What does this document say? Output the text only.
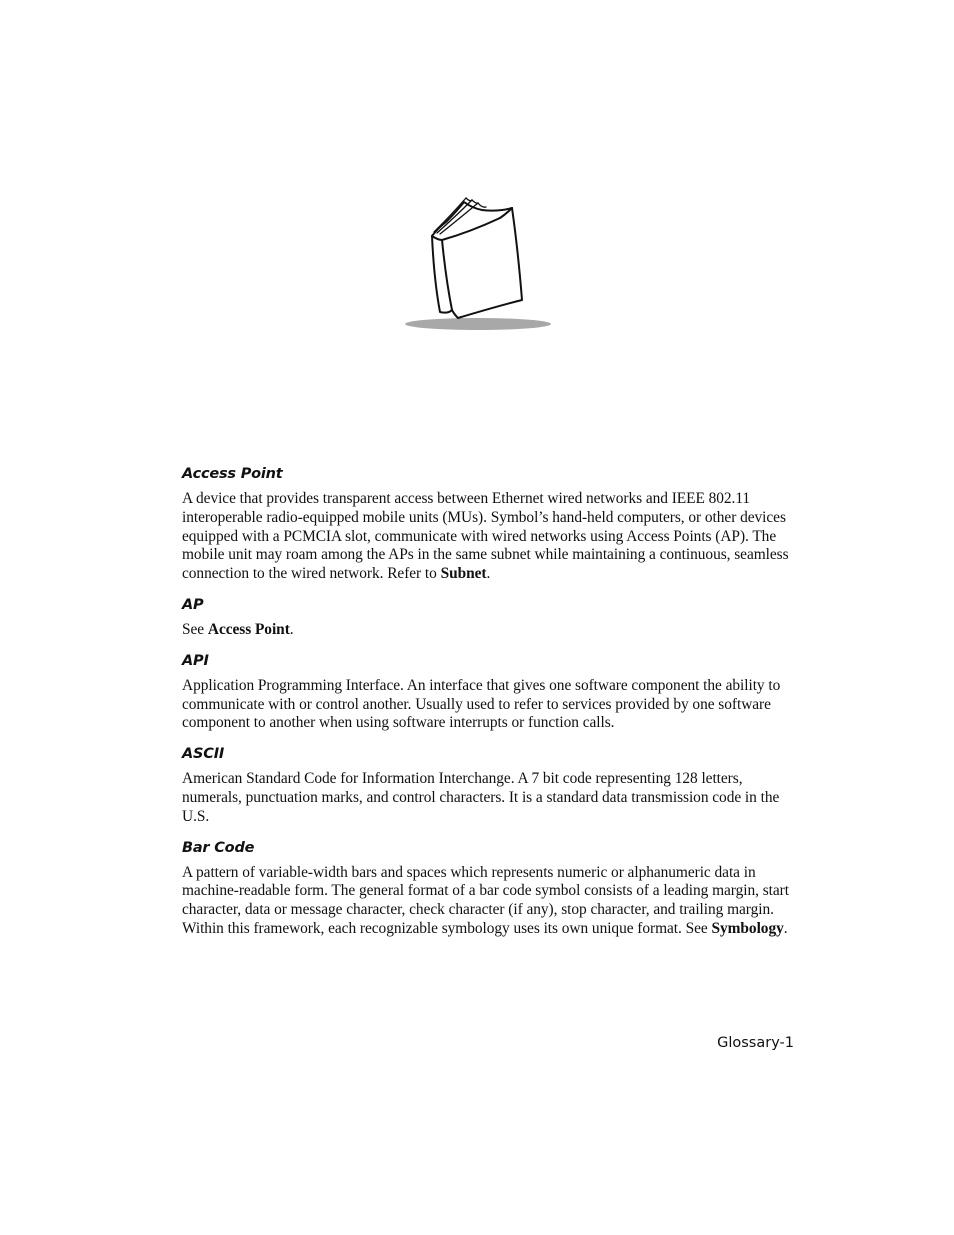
Access Point

A device that provides transparent access between Ethernet wired networks and IEEE 802.11 interoperable radio-equipped mobile units (MUs). Symbol’s hand-held computers, or other devices equipped with a PCMCIA slot, communicate with wired networks using Access Points (AP). The mobile unit may roam among the APs in the same subnet while maintaining a continuous, seamless connection to the wired network. Refer to Subnet.

AP

See Access Point.

API

Application Programming Interface. An interface that gives one software component the ability to communicate with or control another. Usually used to refer to services provided by one software component to another when using software interrupts or function calls.

ASCII

American Standard Code for Information Interchange. A 7 bit code representing 128 letters, numerals, punctuation marks, and control characters. It is a standard data transmission code in the U.S.

Bar Code

A pattern of variable-width bars and spaces which represents numeric or alphanumeric data in machine-readable form. The general format of a bar code symbol consists of a leading margin, start character, data or message character, check character (if any), stop character, and trailing margin. Within this framework, each recognizable symbology uses its own unique format. See Symbology.

Glossary-1
